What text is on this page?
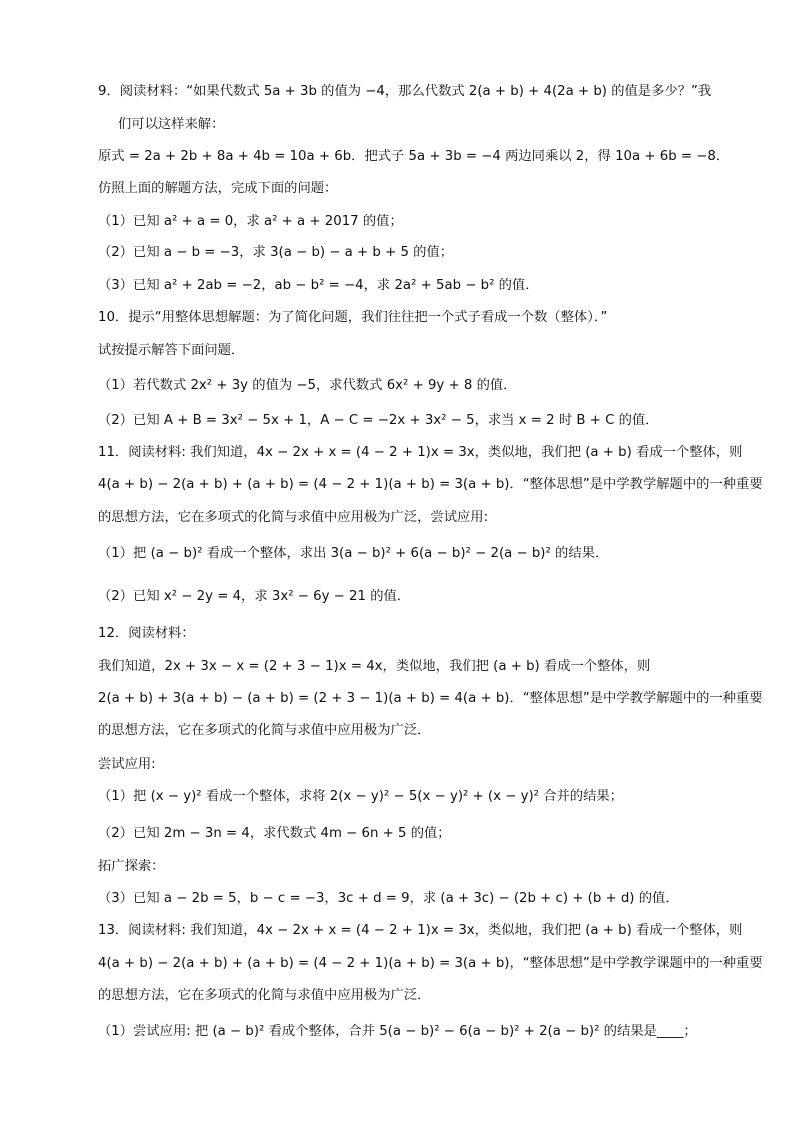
9．阅读材料：“如果代数式 5a + 3b 的值为 −4，那么代数式 2(a + b) + 4(2a + b) 的值是多少？”我
们可以这样来解：
原式 = 2a + 2b + 8a + 4b = 10a + 6b．把式子 5a + 3b = −4 两边同乘以 2，得 10a + 6b = −8．
仿照上面的解题方法，完成下面的问题：
（1）已知 a² + a = 0，求 a² + a + 2017 的值；
（2）已知 a − b = −3，求 3(a − b) − a + b + 5 的值；
（3）已知 a² + 2ab = −2，ab − b² = −4，求 2a² + 5ab − b² 的值．
10．提示“用整体思想解题：为了简化问题，我们往往把一个式子看成一个数（整体）．”
试按提示解答下面问题．
（1）若代数式 2x² + 3y 的值为 −5，求代数式 6x² + 9y + 8 的值．
（2）已知 A + B = 3x² − 5x + 1，A − C = −2x + 3x² − 5，求当 x = 2 时 B + C 的值．
11．阅读材料: 我们知道，4x − 2x + x = (4 − 2 + 1)x = 3x，类似地，我们把 (a + b) 看成一个整体，则
4(a + b) − 2(a + b) + (a + b) = (4 − 2 + 1)(a + b) = 3(a + b)．“整体思想”是中学教学解题中的一种重要
的思想方法，它在多项式的化简与求值中应用极为广泛，尝试应用:
（1）把 (a − b)² 看成一个整体，求出 3(a − b)² + 6(a − b)² − 2(a − b)² 的结果．
（2）已知 x² − 2y = 4，求 3x² − 6y − 21 的值．
12．阅读材料：
我们知道，2x + 3x − x = (2 + 3 − 1)x = 4x，类似地，我们把 (a + b) 看成一个整体，则
2(a + b) + 3(a + b) − (a + b) = (2 + 3 − 1)(a + b) = 4(a + b)．“整体思想”是中学教学解题中的一种重要
的思想方法，它在多项式的化简与求值中应用极为广泛．
尝试应用:
（1）把 (x − y)² 看成一个整体，求将 2(x − y)² − 5(x − y)² + (x − y)² 合并的结果；
（2）已知 2m − 3n = 4，求代数式 4m − 6n + 5 的值；
拓广探索：
（3）已知 a − 2b = 5，b − c = −3，3c + d = 9，求 (a + 3c) − (2b + c) + (b + d) 的值．
13．阅读材料: 我们知道，4x − 2x + x = (4 − 2 + 1)x = 3x，类似地，我们把 (a + b) 看成一个整体，则
4(a + b) − 2(a + b) + (a + b) = (4 − 2 + 1)(a + b) = 3(a + b)，“整体思想”是中学教学课题中的一种重要
的思想方法，它在多项式的化简与求值中应用极为广泛．
（1）尝试应用: 把 (a − b)² 看成个整体，合并 5(a − b)² − 6(a − b)² + 2(a − b)² 的结果是____；
